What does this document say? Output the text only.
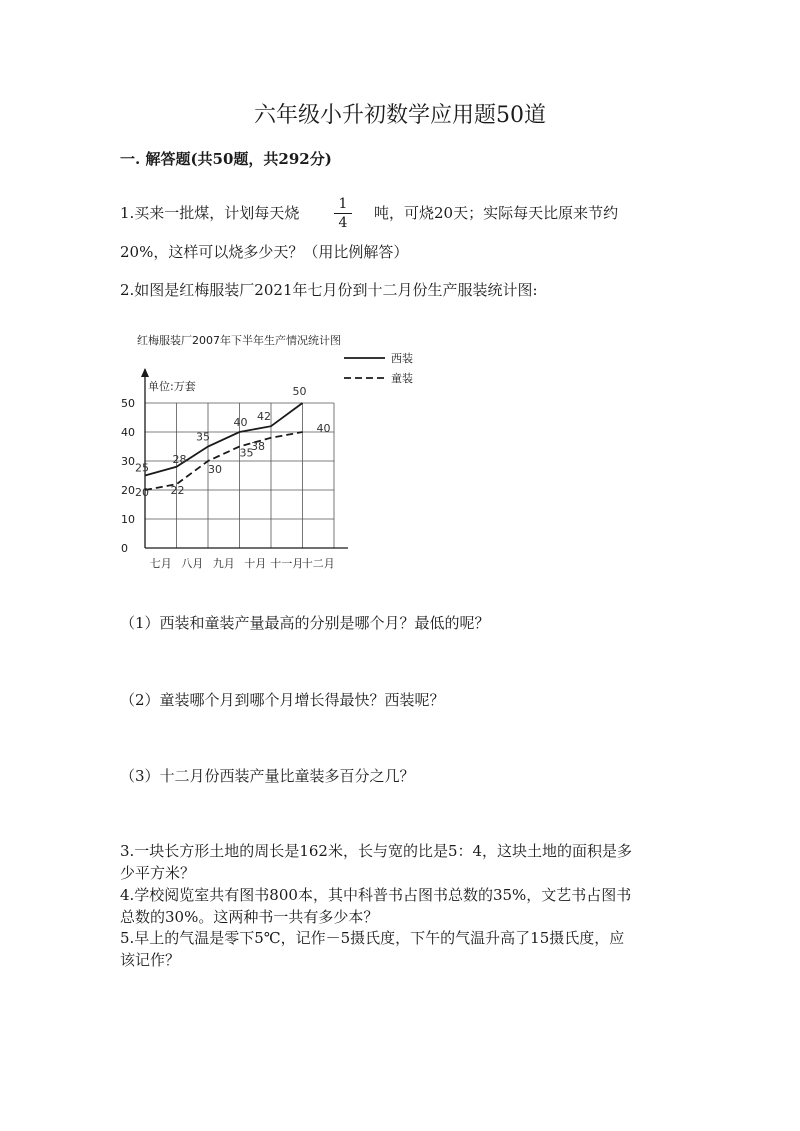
六年级小升初数学应用题50道
一. 解答题(共50题，共292分)
1.买来一批煤，计划每天烧	1
4
吨，可烧20天；实际每天比原来节约
20%，这样可以烧多少天？（用比例解答）
2.如图是红梅服装厂2021年七月份到十二月份生产服装统计图:
红梅服装厂2007年下半年生产情况统计图
西装
童装
单位:万套
0
10
20
30
40
50
七月 八月 九月 十月 十一月
十二月
25
28
35
40 42
50
20 22
30
35
38
40
（1）西装和童装产量最高的分别是哪个月？最低的呢？
（2）童装哪个月到哪个月增长得最快？西装呢？
（3）十二月份西装产量比童装多百分之几？
3.一块长方形土地的周长是162米，长与宽的比是5：4，这块土地的面积是多
少平方米？
4.学校阅览室共有图书800本，其中科普书占图书总数的35%，文艺书占图书
总数的30%。这两种书一共有多少本？
5.早上的气温是零下5℃，记作－5摄氏度，下午的气温升高了15摄氏度，应
该记作？
